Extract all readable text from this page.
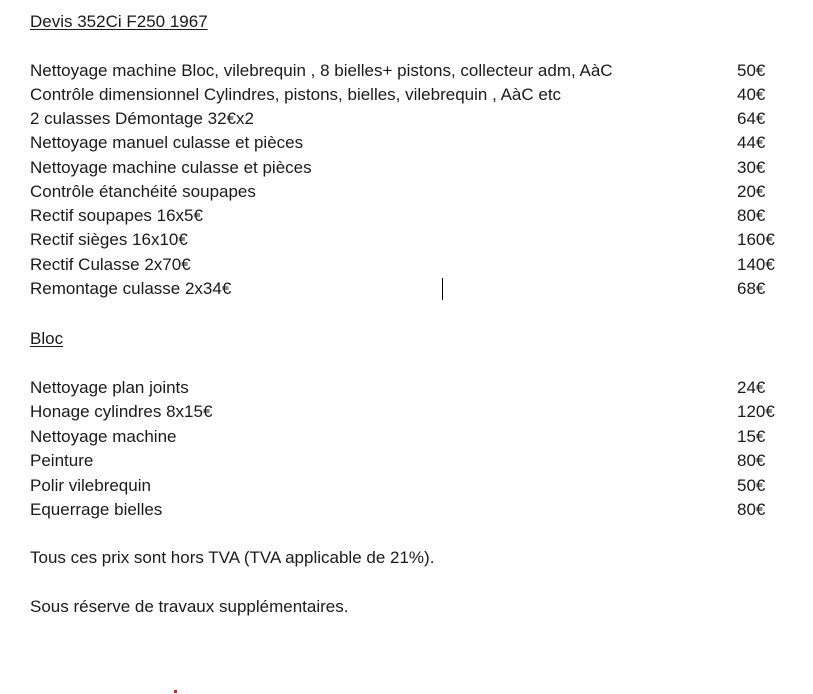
Devis 352Ci F250 1967
Nettoyage machine Bloc, vilebrequin , 8 bielles+ pistons, collecteur adm, AàC	50€
Contrôle dimensionnel Cylindres, pistons, bielles, vilebrequin , AàC etc	40€
2 culasses Démontage 32€x2	64€
Nettoyage manuel culasse et pièces	44€
Nettoyage machine culasse et pièces	30€
Contrôle étanchéité soupapes	20€
Rectif soupapes 16x5€	80€
Rectif sièges 16x10€	160€
Rectif Culasse 2x70€	140€
Remontage culasse 2x34€	68€
Bloc
Nettoyage plan joints	24€
Honage cylindres 8x15€	120€
Nettoyage machine	15€
Peinture	80€
Polir vilebrequin	50€
Equerrage bielles	80€
Tous ces prix sont hors TVA (TVA applicable de 21%).
Sous réserve de travaux supplémentaires.
